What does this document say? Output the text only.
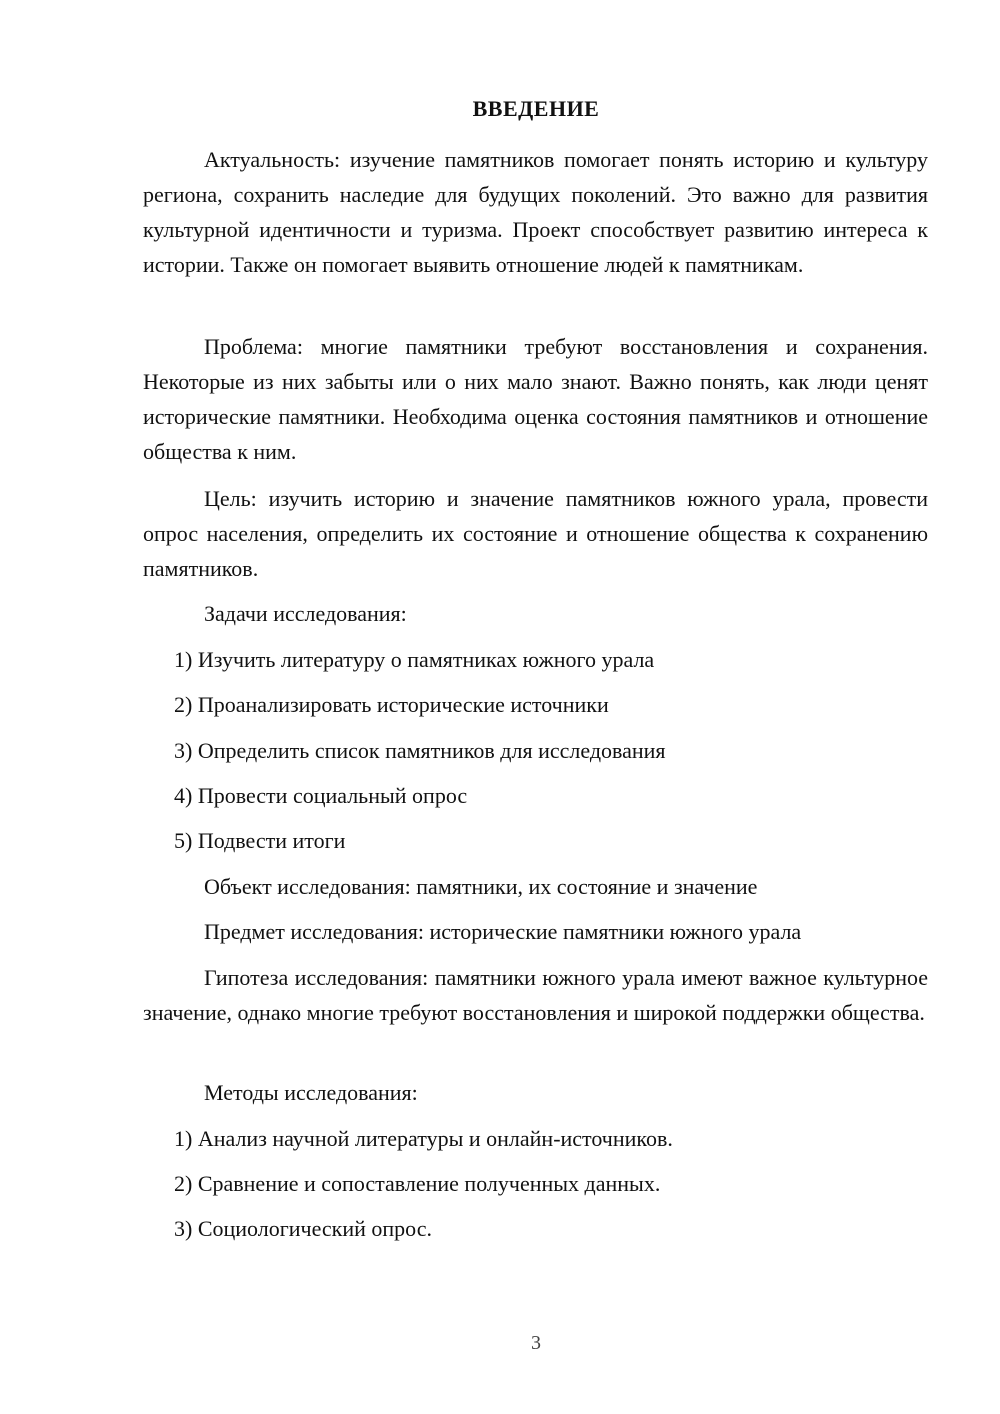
ВВЕДЕНИЕ

Актуальность: изучение памятников помогает понять историю и культуру региона, сохранить наследие для будущих поколений. Это важно для развития культурной идентичности и туризма. Проект способствует развитию интереса к истории. Также он помогает выявить отношение людей к памятникам.

Проблема: многие памятники требуют восстановления и сохранения. Некоторые из них забыты или о них мало знают. Важно понять, как люди ценят исторические памятники. Необходима оценка состояния памятников и отношение общества к ним.

Цель: изучить историю и значение памятников южного урала, провести опрос населения, определить их состояние и отношение общества к сохранению памятников.

Задачи исследования:

1) Изучить литературу о памятниках южного урала

2) Проанализировать исторические источники

3) Определить список памятников для исследования

4) Провести социальный опрос

5) Подвести итоги

Объект исследования: памятники, их состояние и значение

Предмет исследования: исторические памятники южного урала

Гипотеза исследования: памятники южного урала имеют важное культурное значение, однако многие требуют восстановления и широкой поддержки общества.

Методы исследования:

1) Анализ научной литературы и онлайн-источников.

2) Сравнение и сопоставление полученных данных.

3) Социологический опрос.

3
